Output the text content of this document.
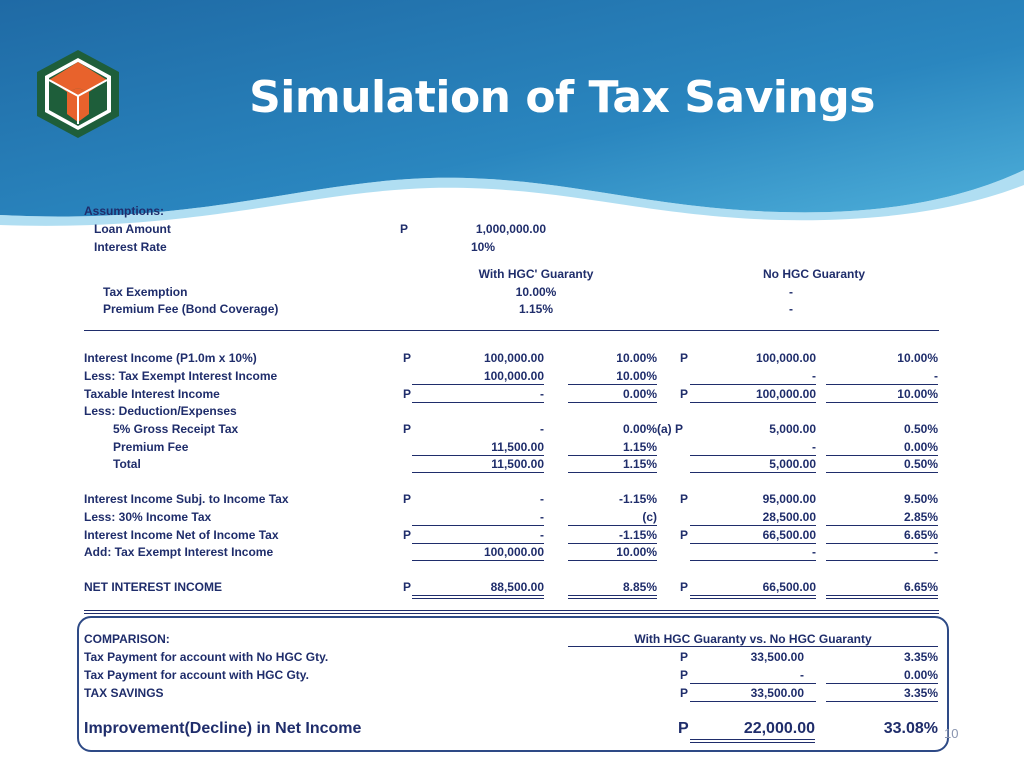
Simulation of Tax Savings
Assumptions:
Loan Amount	P	1,000,000.00
Interest Rate	10%
With HGC' Guaranty	No HGC Guaranty
Tax Exemption	10.00%	-
Premium Fee (Bond Coverage)	1.15%	-
Interest Income (P1.0m x 10%)	P	100,000.00	10.00% P	100,000.00	10.00%
Less: Tax Exempt Interest Income	100,000.00	10.00%	-	-
Taxable Interest Income	P	-	0.00% P	100,000.00	10.00%
Less: Deduction/Expenses
5% Gross Receipt Tax	P	-	0.00% (a) P	5,000.00	0.50%
Premium Fee	11,500.00	1.15%	-	0.00%
Total	11,500.00	1.15%	5,000.00	0.50%
Interest Income Subj. to Income Tax	P	-	-1.15% P	95,000.00	9.50%
Less: 30% Income Tax	-	(c)	28,500.00	2.85%
Interest Income Net of Income Tax	P	-	-1.15% P	66,500.00	6.65%
Add: Tax Exempt Interest Income	100,000.00	10.00%	-	-
NET INTEREST INCOME	P	88,500.00	8.85% P	66,500.00	6.65%
COMPARISON:	With HGC Guaranty vs. No HGC Guaranty
Tax Payment for account with No HGC Gty.	P	33,500.00	3.35%
Tax Payment for account with HGC Gty.	P	-	0.00%
TAX SAVINGS	P	33,500.00	3.35%
Improvement(Decline) in Net Income	P	22,000.00	33.08% 10
